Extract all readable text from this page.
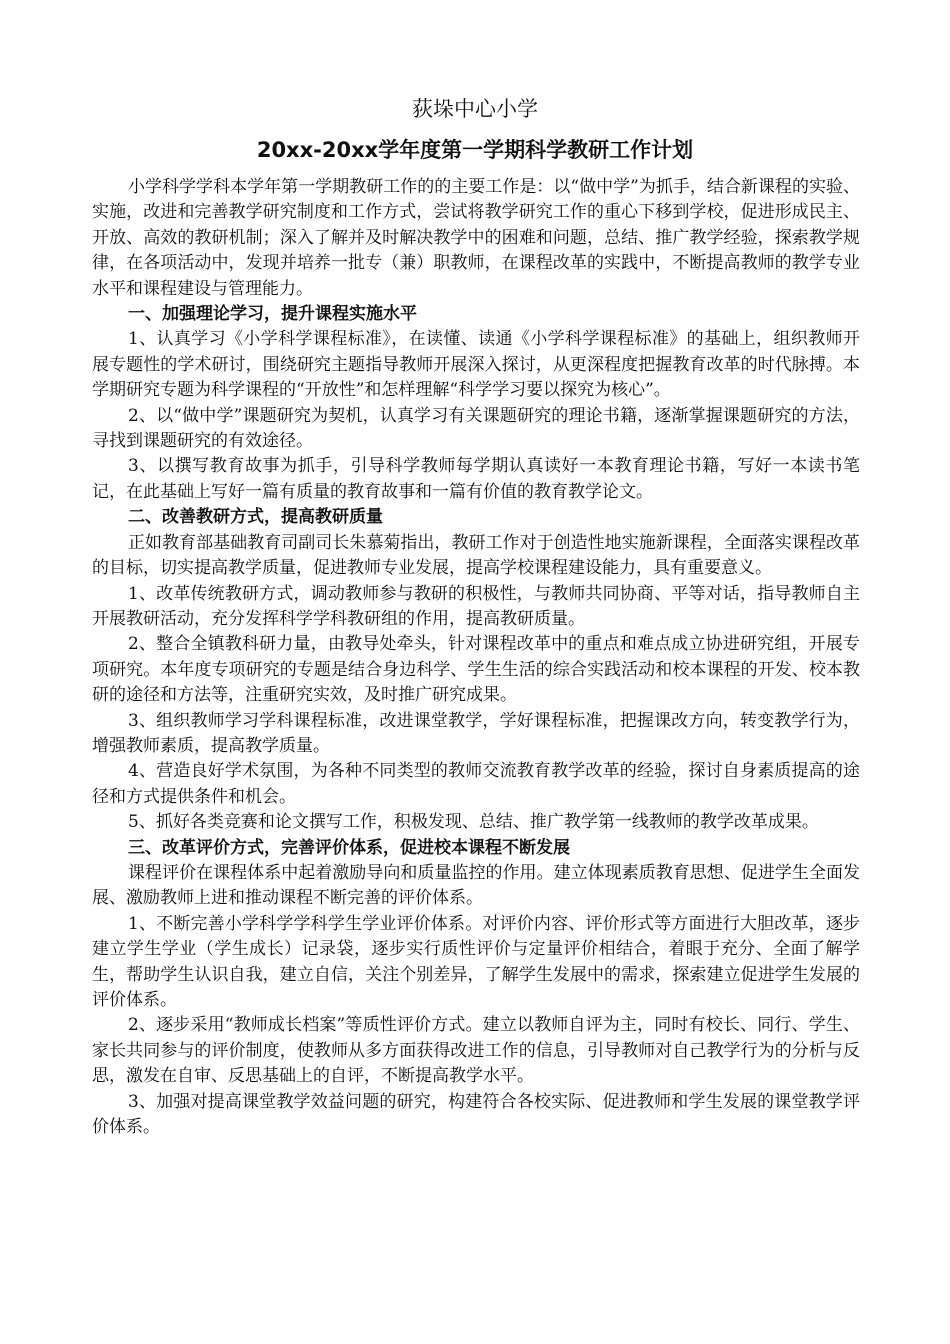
荻垛中心小学
20xx-20xx学年度第一学期科学教研工作计划

小学科学学科本学年第一学期教研工作的的主要工作是：以“做中学”为抓手，结合新课程的实验、实施，改进和完善教学研究制度和工作方式，尝试将教学研究工作的重心下移到学校，促进形成民主、开放、高效的教研机制；深入了解并及时解决教学中的困难和问题，总结、推广教学经验，探索教学规律，在各项活动中，发现并培养一批专（兼）职教师，在课程改革的实践中，不断提高教师的教学专业水平和课程建设与管理能力。

一、加强理论学习，提升课程实施水平

1、认真学习《小学科学课程标准》，在读懂、读通《小学科学课程标准》的基础上，组织教师开展专题性的学术研讨，围绕研究主题指导教师开展深入探讨，从更深程度把握教育改革的时代脉搏。本学期研究专题为科学课程的“开放性”和怎样理解“科学学习要以探究为核心”。

2、以“做中学”课题研究为契机，认真学习有关课题研究的理论书籍，逐渐掌握课题研究的方法，寻找到课题研究的有效途径。

3、以撰写教育故事为抓手，引导科学教师每学期认真读好一本教育理论书籍，写好一本读书笔记，在此基础上写好一篇有质量的教育故事和一篇有价值的教育教学论文。

二、改善教研方式，提高教研质量

正如教育部基础教育司副司长朱慕菊指出，教研工作对于创造性地实施新课程，全面落实课程改革的目标，切实提高教学质量，促进教师专业发展，提高学校课程建设能力，具有重要意义。

1、改革传统教研方式，调动教师参与教研的积极性，与教师共同协商、平等对话，指导教师自主开展教研活动，充分发挥科学学科教研组的作用，提高教研质量。

2、整合全镇教科研力量，由教导处牵头，针对课程改革中的重点和难点成立协进研究组，开展专项研究。本年度专项研究的专题是结合身边科学、学生生活的综合实践活动和校本课程的开发、校本教研的途径和方法等，注重研究实效，及时推广研究成果。

3、组织教师学习学科课程标准，改进课堂教学，学好课程标准，把握课改方向，转变教学行为，增强教师素质，提高教学质量。

4、营造良好学术氛围，为各种不同类型的教师交流教育教学改革的经验，探讨自身素质提高的途径和方式提供条件和机会。

5、抓好各类竞赛和论文撰写工作，积极发现、总结、推广教学第一线教师的教学改革成果。

三、改革评价方式，完善评价体系，促进校本课程不断发展

课程评价在课程体系中起着激励导向和质量监控的作用。建立体现素质教育思想、促进学生全面发展、激励教师上进和推动课程不断完善的评价体系。

1、不断完善小学科学学科学生学业评价体系。对评价内容、评价形式等方面进行大胆改革，逐步建立学生学业（学生成长）记录袋，逐步实行质性评价与定量评价相结合，着眼于充分、全面了解学生，帮助学生认识自我，建立自信，关注个别差异，了解学生发展中的需求，探索建立促进学生发展的评价体系。

2、逐步采用“教师成长档案”等质性评价方式。建立以教师自评为主，同时有校长、同行、学生、家长共同参与的评价制度，使教师从多方面获得改进工作的信息，引导教师对自己教学行为的分析与反思，激发在自审、反思基础上的自评，不断提高教学水平。

3、加强对提高课堂教学效益问题的研究，构建符合各校实际、促进教师和学生发展的课堂教学评价体系。
